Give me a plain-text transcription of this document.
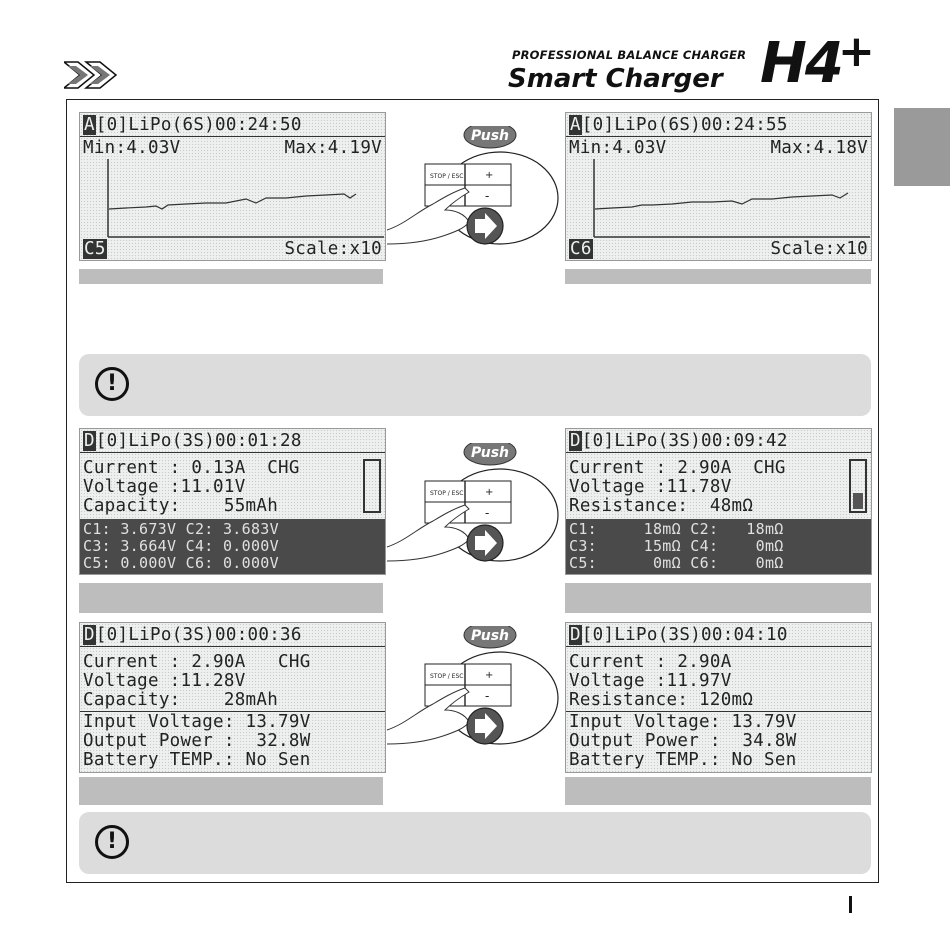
PROFESSIONAL BALANCE CHARGER
Smart Charger H4
+
A[0]LiPo(6S)00:24:50
Min:4.03V	Max:4.19V
C5	Scale:x10
STOP / ESC +
-
Push
A[0]LiPo(6S)00:24:55
Min:4.03V	Max:4.18V
C6	Scale:x10
!
D[0]LiPo(3S)00:01:28
Current : 0.13A  CHG
Voltage :11.01V
Capacity:    55mAh
C1: 3.673V C2: 3.683V
C3: 3.664V C4: 0.000V
C5: 0.000V C6: 0.000V
STOP / ESC +
-
Push
D[0]LiPo(3S)00:09:42
Current : 2.90A  CHG
Voltage :11.78V
Resistance:  48mΩ
C1:     18mΩ C2:   18mΩ
C3:     15mΩ C4:    0mΩ
C5:      0mΩ C6:    0mΩ
D[0]LiPo(3S)00:00:36
Current : 2.90A   CHG
Voltage :11.28V
Capacity:    28mAh
Input Voltage: 13.79V
Output Power :  32.8W
Battery TEMP.: No Sen
STOP / ESC +
-
Push	D[0]LiPo(3S)00:04:10
Current : 2.90A
Voltage :11.97V
Resistance: 120mΩ
Input Voltage: 13.79V
Output Power :  34.8W
Battery TEMP.: No Sen
!
